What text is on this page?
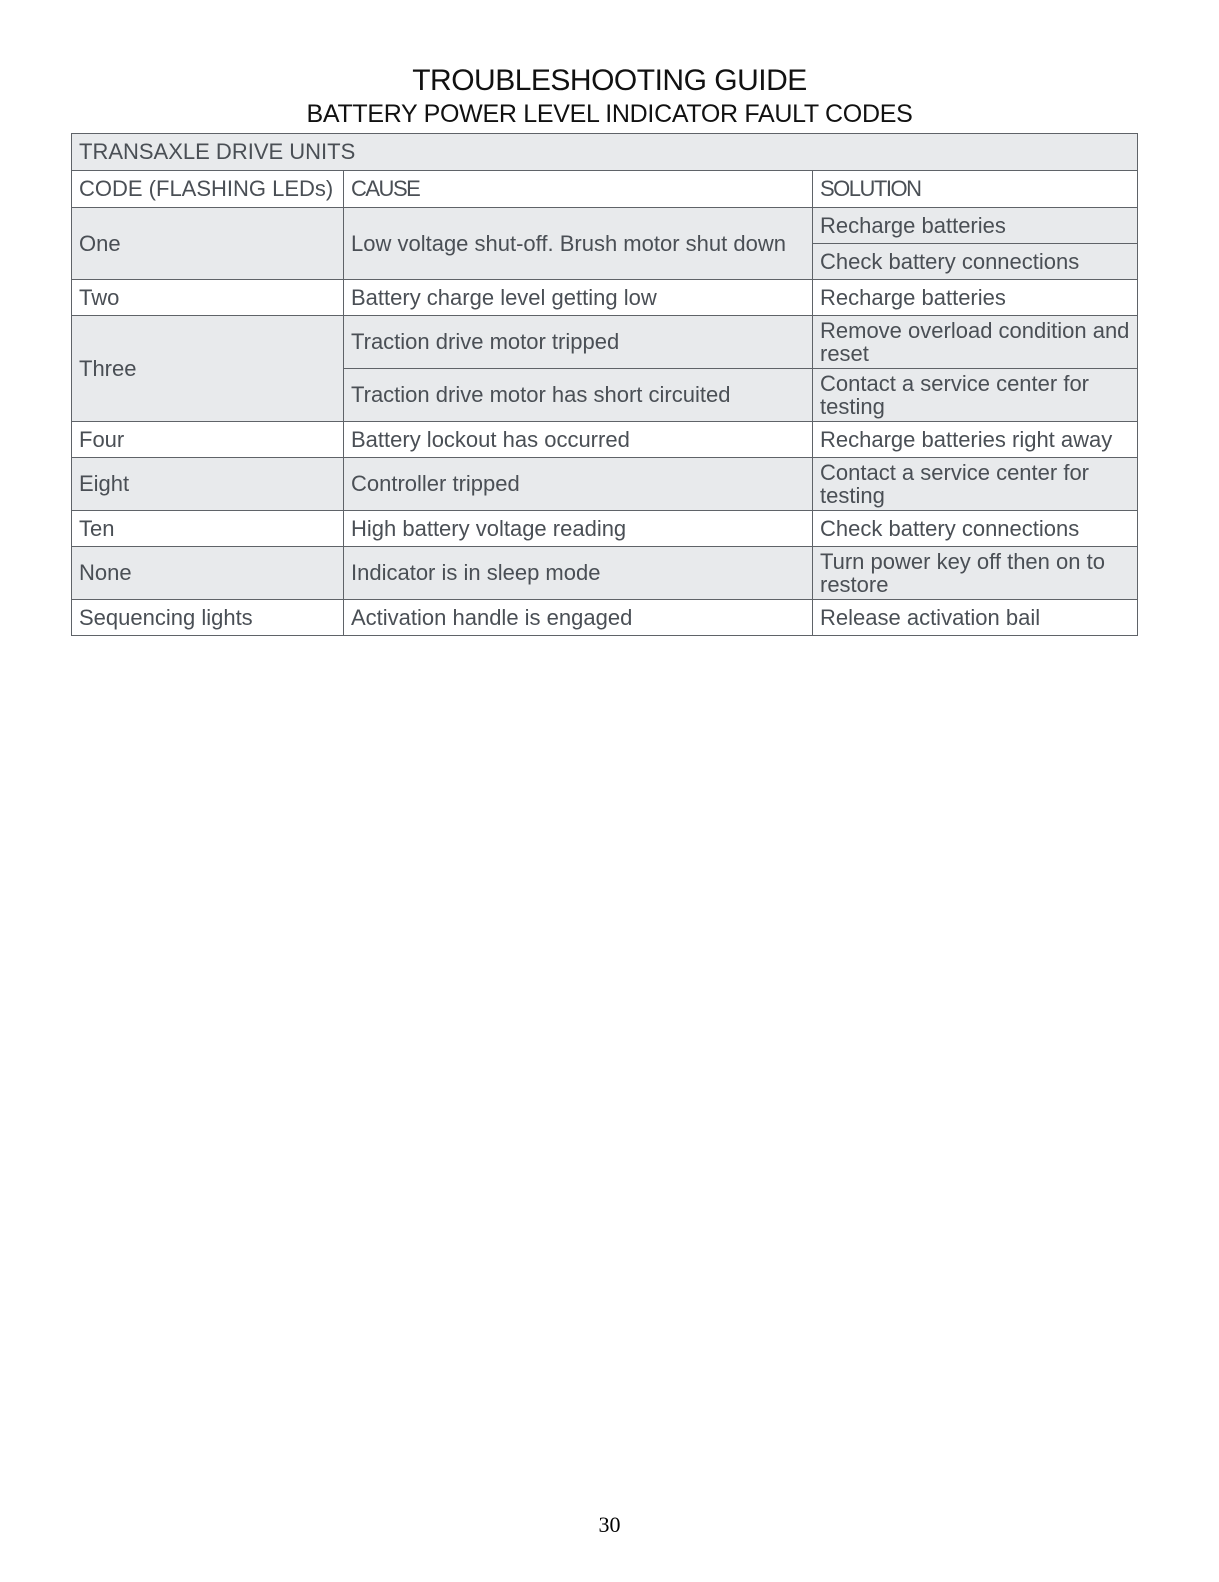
TROUBLESHOOTING GUIDE
BATTERY POWER LEVEL INDICATOR FAULT CODES
TRANSAXLE DRIVE UNITS		
CODE (FLASHING LEDs)	CAUSE	SOLUTION
One	Low voltage shut-off. Brush motor shut down	Recharge batteries
		Check battery connections
Two	Battery charge level getting low	Recharge batteries
Three	Traction drive motor tripped	Remove overload condition and reset
	Traction drive motor has short circuited	Contact a service center for testing
Four	Battery lockout has occurred	Recharge batteries right away
Eight	Controller tripped	Contact a service center for testing
Ten	High battery voltage reading	Check battery connections
None	Indicator is in sleep mode	Turn power key off then on to restore
Sequencing lights	Activation handle is engaged	Release activation bail
30
